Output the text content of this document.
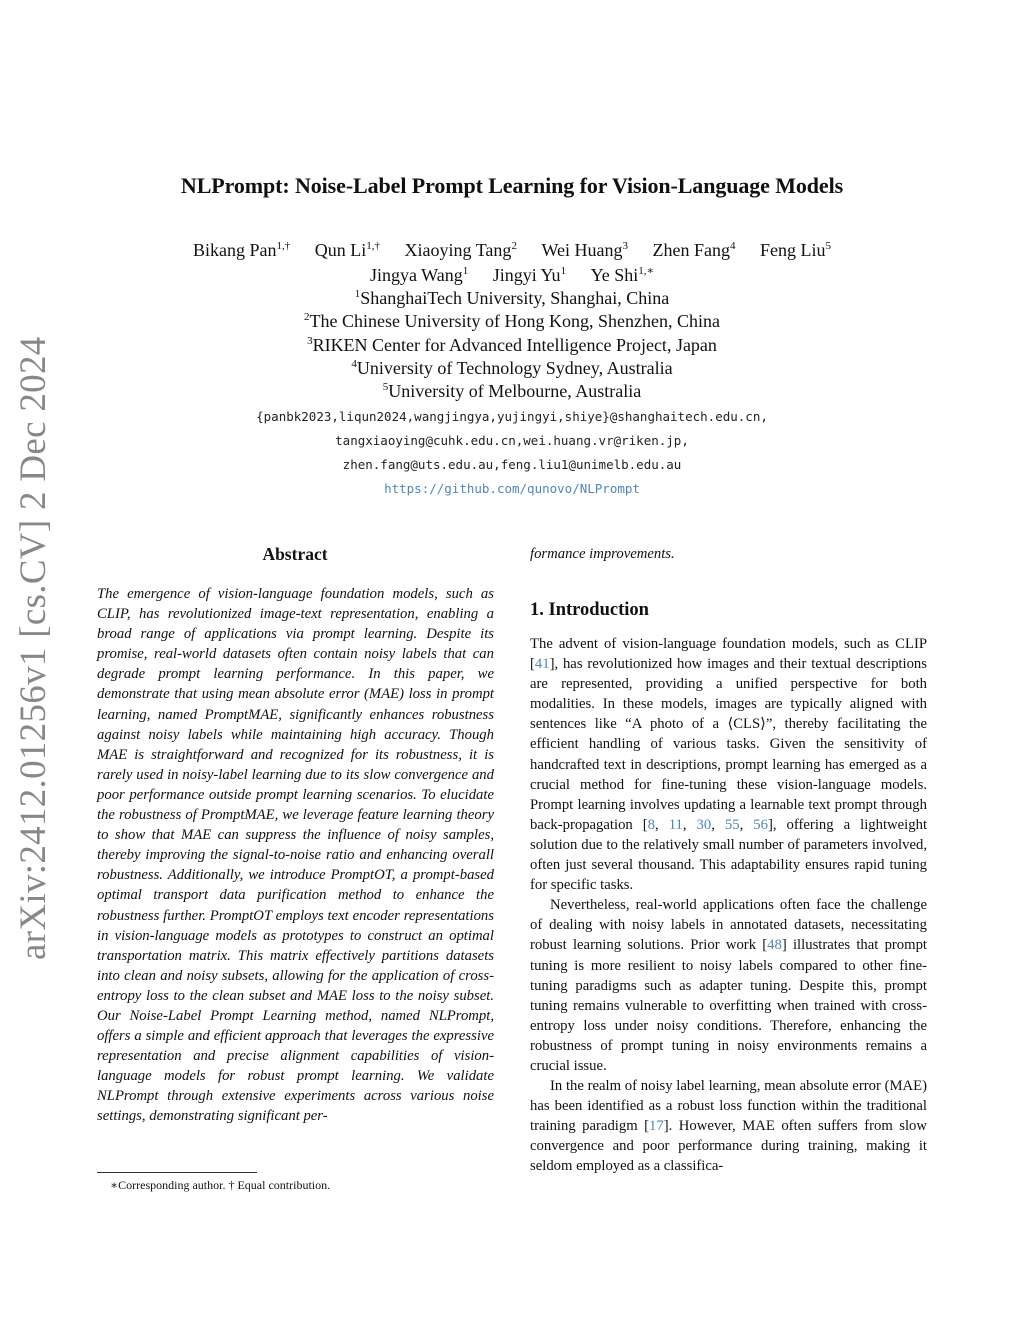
arXiv:2412.01256v1 [cs.CV] 2 Dec 2024
NLPrompt: Noise-Label Prompt Learning for Vision-Language Models
Bikang Pan$^{1,\dagger}$ Qun $Li^{1,\dagger}$ Xiaoying Tang$^2$ Wei Huang$^3$ Zhen Fang$^4$ Feng Liu$^5$
Jingya Wang$^1$ Jingyi Yu$^1$ Ye Shi$^{1,∗}$
$^1$ShanghaiTech University, Shanghai, China
$^2$The Chinese University of Hong Kong, Shenzhen, China
$^3$RIKEN Center for Advanced Intelligence Project, Japan
$^4$University of Technology Sydney, Australia
$^5$University of Melbourne, Australia
{panbk2023,liqun2024,wangjingya,yujingyi,shiye}@shanghaitech.edu.cn,
tangxiaoying@cuhk.edu.cn,wei.huang.vr@riken.jp,
zhen.fang@uts.edu.au,feng.liu1@unimelb.edu.au
https://github.com/qunovo/NLPrompt
Abstract
The emergence of vision-language foundation models, such as CLIP, has revolutionized image-text representation, enabling a broad range of applications via prompt learning. Despite its promise, real-world datasets often contain noisy labels that can degrade prompt learning performance. In this paper, we demonstrate that using mean absolute error (MAE) loss in prompt learning, named PromptMAE, significantly enhances robustness against noisy labels while maintaining high accuracy. Though MAE is straightforward and recognized for its robustness, it is rarely used in noisy-label learning due to its slow convergence and poor performance outside prompt learning scenarios. To elucidate the robustness of PromptMAE, we leverage feature learning theory to show that MAE can suppress the influence of noisy samples, thereby improving the signal-to-noise ratio and enhancing overall robustness. Additionally, we introduce PromptOT, a prompt-based optimal transport data purification method to enhance the robustness further. PromptOT employs text encoder representations in vision-language models as prototypes to construct an optimal transportation matrix. This matrix effectively partitions datasets into clean and noisy subsets, allowing for the application of cross-entropy loss to the clean subset and MAE loss to the noisy subset. Our Noise-Label Prompt Learning method, named NLPrompt, offers a simple and efficient approach that leverages the expressive representation and precise alignment capabilities of vision-language models for robust prompt learning. We validate NLPrompt through extensive experiments across various noise settings, demonstrating significant per-
∗Corresponding author. † Equal contribution.
formance improvements.
1. Introduction

The advent of vision-language foundation models, such as CLIP [41], has revolutionized how images and their textual descriptions are represented, providing a unified perspective for both modalities. In these models, images are typically aligned with sentences like “A photo of a ⟨CLS⟩”, thereby facilitating the efficient handling of various tasks. Given the sensitivity of handcrafted text in descriptions, prompt learning has emerged as a crucial method for fine-tuning these vision-language models. Prompt learning involves updating a learnable text prompt through back-propagation [8, 11, 30, 55, 56], offering a lightweight solution due to the relatively small number of parameters involved, often just several thousand. This adaptability ensures rapid tuning for specific tasks.

Nevertheless, real-world applications often face the challenge of dealing with noisy labels in annotated datasets, necessitating robust learning solutions. Prior work [48] illustrates that prompt tuning is more resilient to noisy labels compared to other fine-tuning paradigms such as adapter tuning. Despite this, prompt tuning remains vulnerable to overfitting when trained with cross-entropy loss under noisy conditions. Therefore, enhancing the robustness of prompt tuning in noisy environments remains a crucial issue.

In the realm of noisy label learning, mean absolute error (MAE) has been identified as a robust loss function within the traditional training paradigm [17]. However, MAE often suffers from slow convergence and poor performance during training, making it seldom employed as a classifica-
